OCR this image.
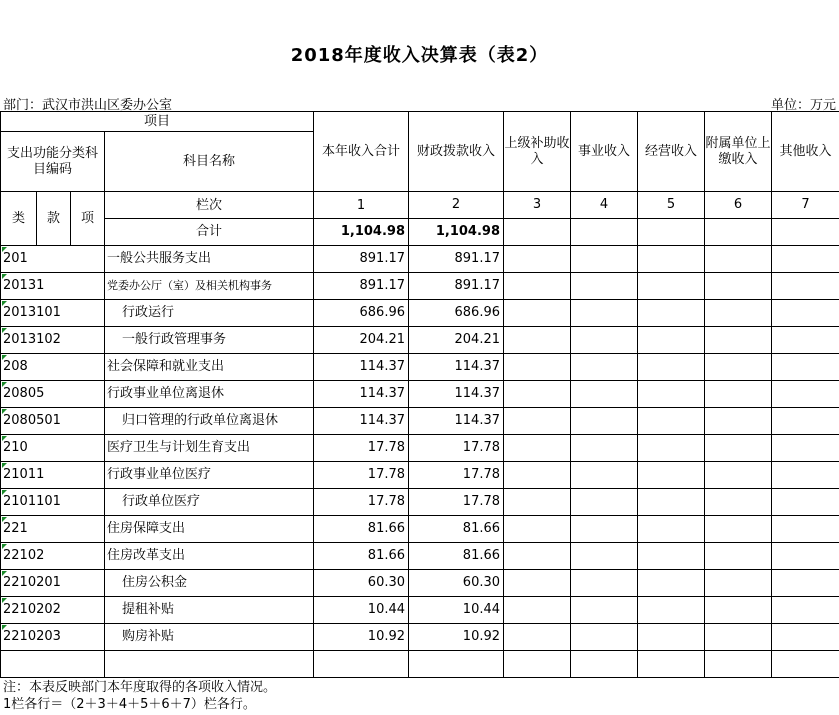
2018年度收入决算表（表2）
部门：武汉市洪山区委办公室	单位：万元
项目				本年收入合计	财政拨款收入	上级补助收入	事业收入	经营收入	附属单位上缴收入	其他收入
支出功能分类科目编码			科目名称							

类	款	项	栏次	1	2	3	4	5	6	7
			合计	1,104.98	1,104.98					
201			一般公共服务支出	891.17	891.17					
20131			党委办公厅（室）及相关机构事务	891.17	891.17					
2013101			行政运行	686.96	686.96					
2013102			一般行政管理事务	204.21	204.21					
208			社会保障和就业支出	114.37	114.37					
20805			行政事业单位离退休	114.37	114.37					
2080501			归口管理的行政单位离退休	114.37	114.37					
210			医疗卫生与计划生育支出	17.78	17.78					
21011			行政事业单位医疗	17.78	17.78					
2101101			行政单位医疗	17.78	17.78					
221			住房保障支出	81.66	81.66					
22102			住房改革支出	81.66	81.66					
2210201			住房公积金	60.30	60.30					
2210202			提租补贴	10.44	10.44					
2210203			购房补贴	10.92	10.92					

注：本表反映部门本年度取得的各项收入情况。
1栏各行＝（2＋3＋4＋5＋6＋7）栏各行。
